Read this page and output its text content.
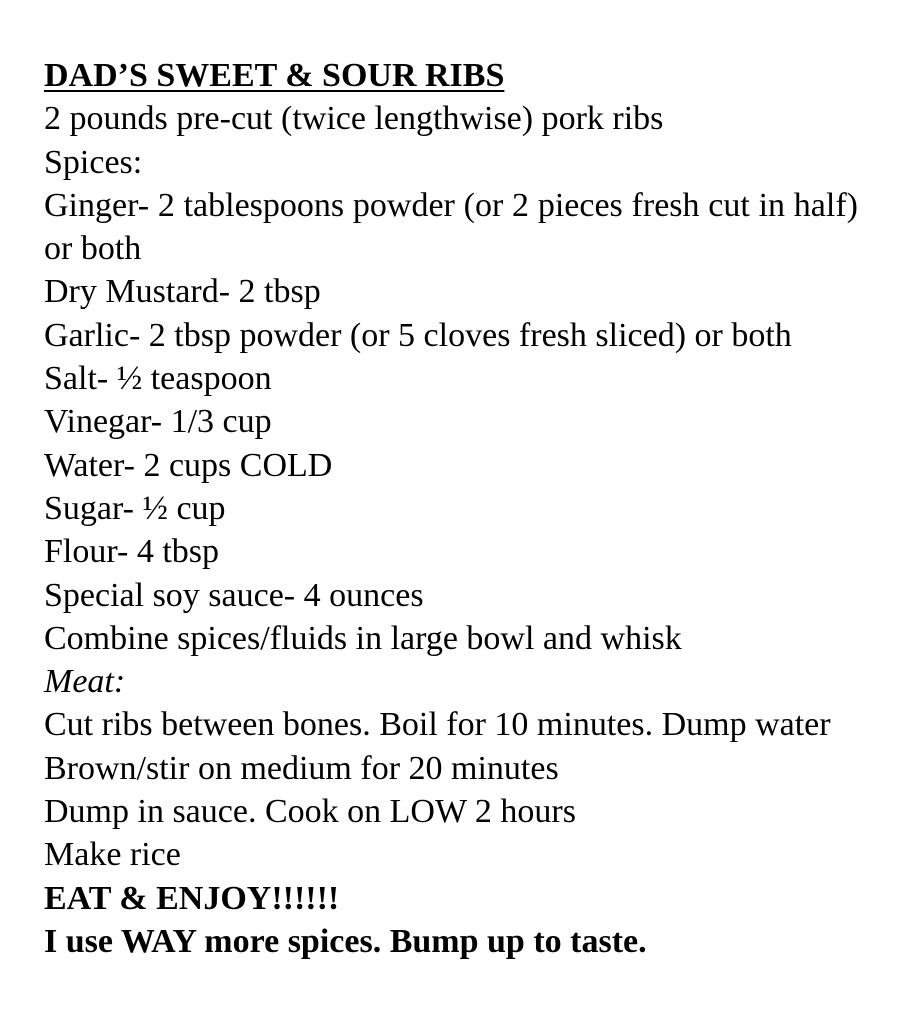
DAD’S SWEET & SOUR RIBS
2 pounds pre-cut (twice lengthwise) pork ribs
Spices:
Ginger- 2 tablespoons powder (or 2 pieces fresh cut in half) or both
Dry Mustard- 2 tbsp
Garlic- 2 tbsp powder (or 5 cloves fresh sliced) or both
Salt- ½ teaspoon
Vinegar- 1/3 cup
Water- 2 cups COLD
Sugar- ½ cup
Flour- 4 tbsp
Special soy sauce- 4 ounces
Combine spices/fluids in large bowl and whisk
Meat:
Cut ribs between bones. Boil for 10 minutes. Dump water
Brown/stir on medium for 20 minutes
Dump in sauce. Cook on LOW 2 hours
Make rice
EAT & ENJOY!!!!!!
I use WAY more spices. Bump up to taste.
